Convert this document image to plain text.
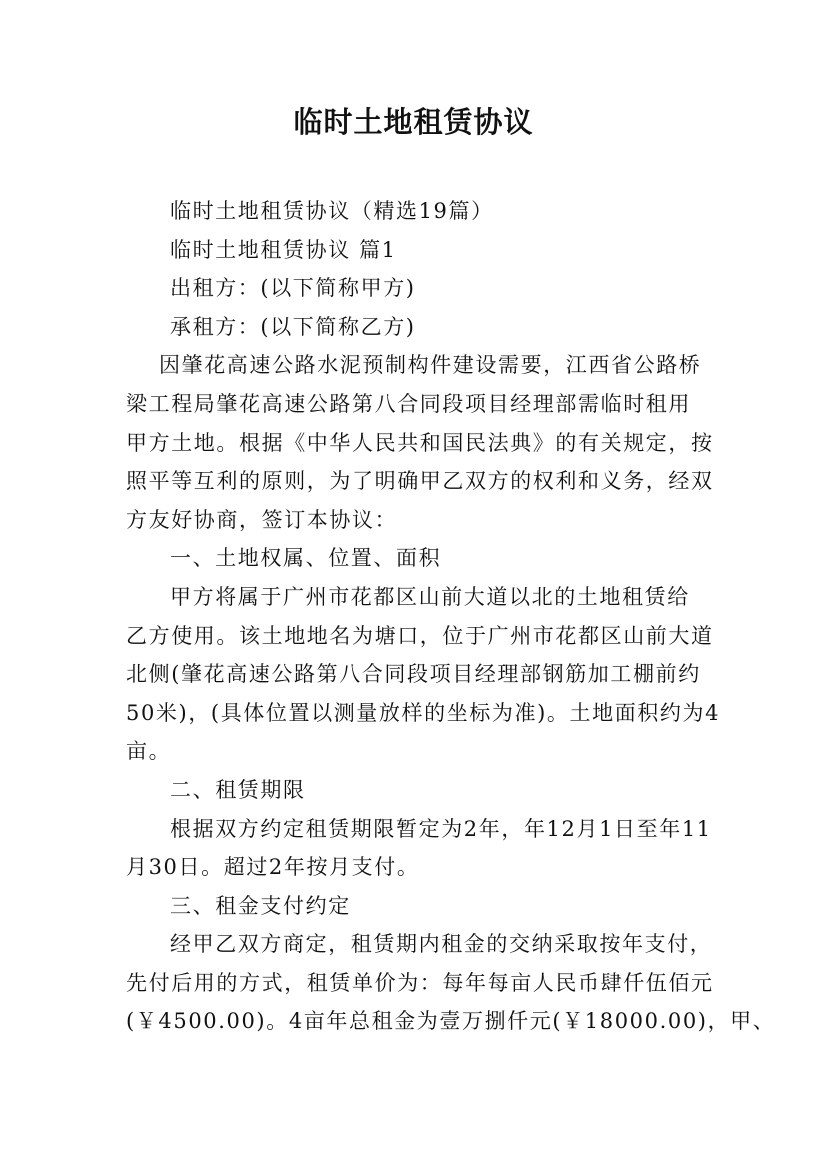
临时土地租赁协议
临时土地租赁协议（精选19篇）
临时土地租赁协议 篇1
出租方：(以下简称甲方)
承租方：(以下简称乙方)
因肇花高速公路水泥预制构件建设需要，江西省公路桥
梁工程局肇花高速公路第八合同段项目经理部需临时租用
甲方土地。根据《中华人民共和国民法典》的有关规定，按
照平等互利的原则，为了明确甲乙双方的权利和义务，经双
方友好协商，签订本协议：
一、土地权属、位置、面积
甲方将属于广州市花都区山前大道以北的土地租赁给
乙方使用。该土地地名为塘口，位于广州市花都区山前大道
北侧(肇花高速公路第八合同段项目经理部钢筋加工棚前约
50米)，(具体位置以测量放样的坐标为准)。土地面积约为4
亩。
二、租赁期限
根据双方约定租赁期限暂定为2年，年12月1日至年11
月30日。超过2年按月支付。
三、租金支付约定
经甲乙双方商定，租赁期内租金的交纳采取按年支付，
先付后用的方式，租赁单价为：每年每亩人民币肆仟伍佰元
(￥4500.00)。4亩年总租金为壹万捌仟元(￥18000.00)，甲、
